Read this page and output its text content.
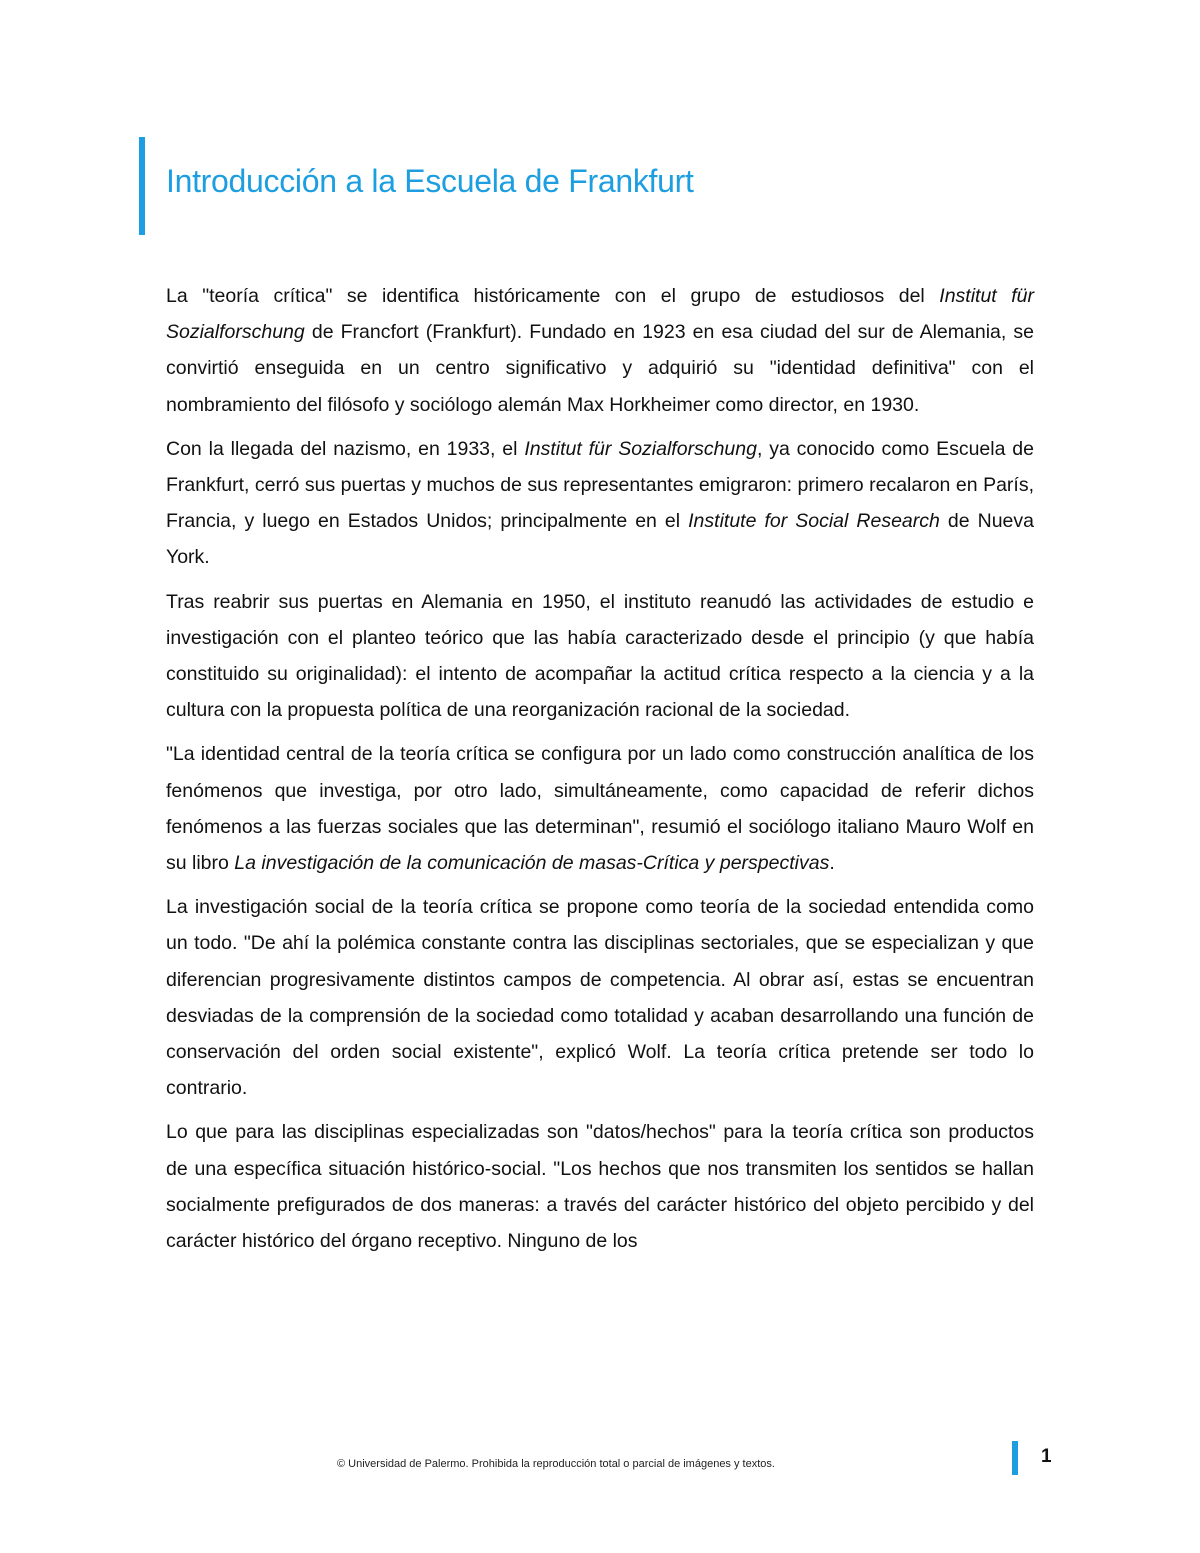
Introducción a la Escuela de Frankfurt

La "teoría crítica" se identifica históricamente con el grupo de estudiosos del Institut für Sozialforschung de Francfort (Frankfurt). Fundado en 1923 en esa ciudad del sur de Alemania, se convirtió enseguida en un centro significativo y adquirió su "identidad definitiva" con el nombramiento del filósofo y sociólogo alemán Max Horkheimer como director, en 1930.

Con la llegada del nazismo, en 1933, el Institut für Sozialforschung, ya conocido como Escuela de Frankfurt, cerró sus puertas y muchos de sus representantes emigraron: primero recalaron en París, Francia, y luego en Estados Unidos; principalmente en el Institute for Social Research de Nueva York.

Tras reabrir sus puertas en Alemania en 1950, el instituto reanudó las actividades de estudio e investigación con el planteo teórico que las había caracterizado desde el principio (y que había constituido su originalidad): el intento de acompañar la actitud crítica respecto a la ciencia y a la cultura con la propuesta política de una reorganización racional de la sociedad.

"La identidad central de la teoría crítica se configura por un lado como construcción analítica de los fenómenos que investiga, por otro lado, simultáneamente, como capacidad de referir dichos fenómenos a las fuerzas sociales que las determinan", resumió el sociólogo italiano Mauro Wolf en su libro La investigación de la comunicación de masas-Crítica y perspectivas.

La investigación social de la teoría crítica se propone como teoría de la sociedad entendida como un todo. "De ahí la polémica constante contra las disciplinas sectoriales, que se especializan y que diferencian progresivamente distintos campos de competencia. Al obrar así, estas se encuentran desviadas de la comprensión de la sociedad como totalidad y acaban desarrollando una función de conservación del orden social existente", explicó Wolf. La teoría crítica pretende ser todo lo contrario.

Lo que para las disciplinas especializadas son "datos/hechos" para la teoría crítica son productos de una específica situación histórico-social. "Los hechos que nos transmiten los sentidos se hallan socialmente prefigurados de dos maneras: a través del carácter histórico del objeto percibido y del carácter histórico del órgano receptivo. Ninguno de los

© Universidad de Palermo. Prohibida la reproducción total o parcial de imágenes y textos.	1
